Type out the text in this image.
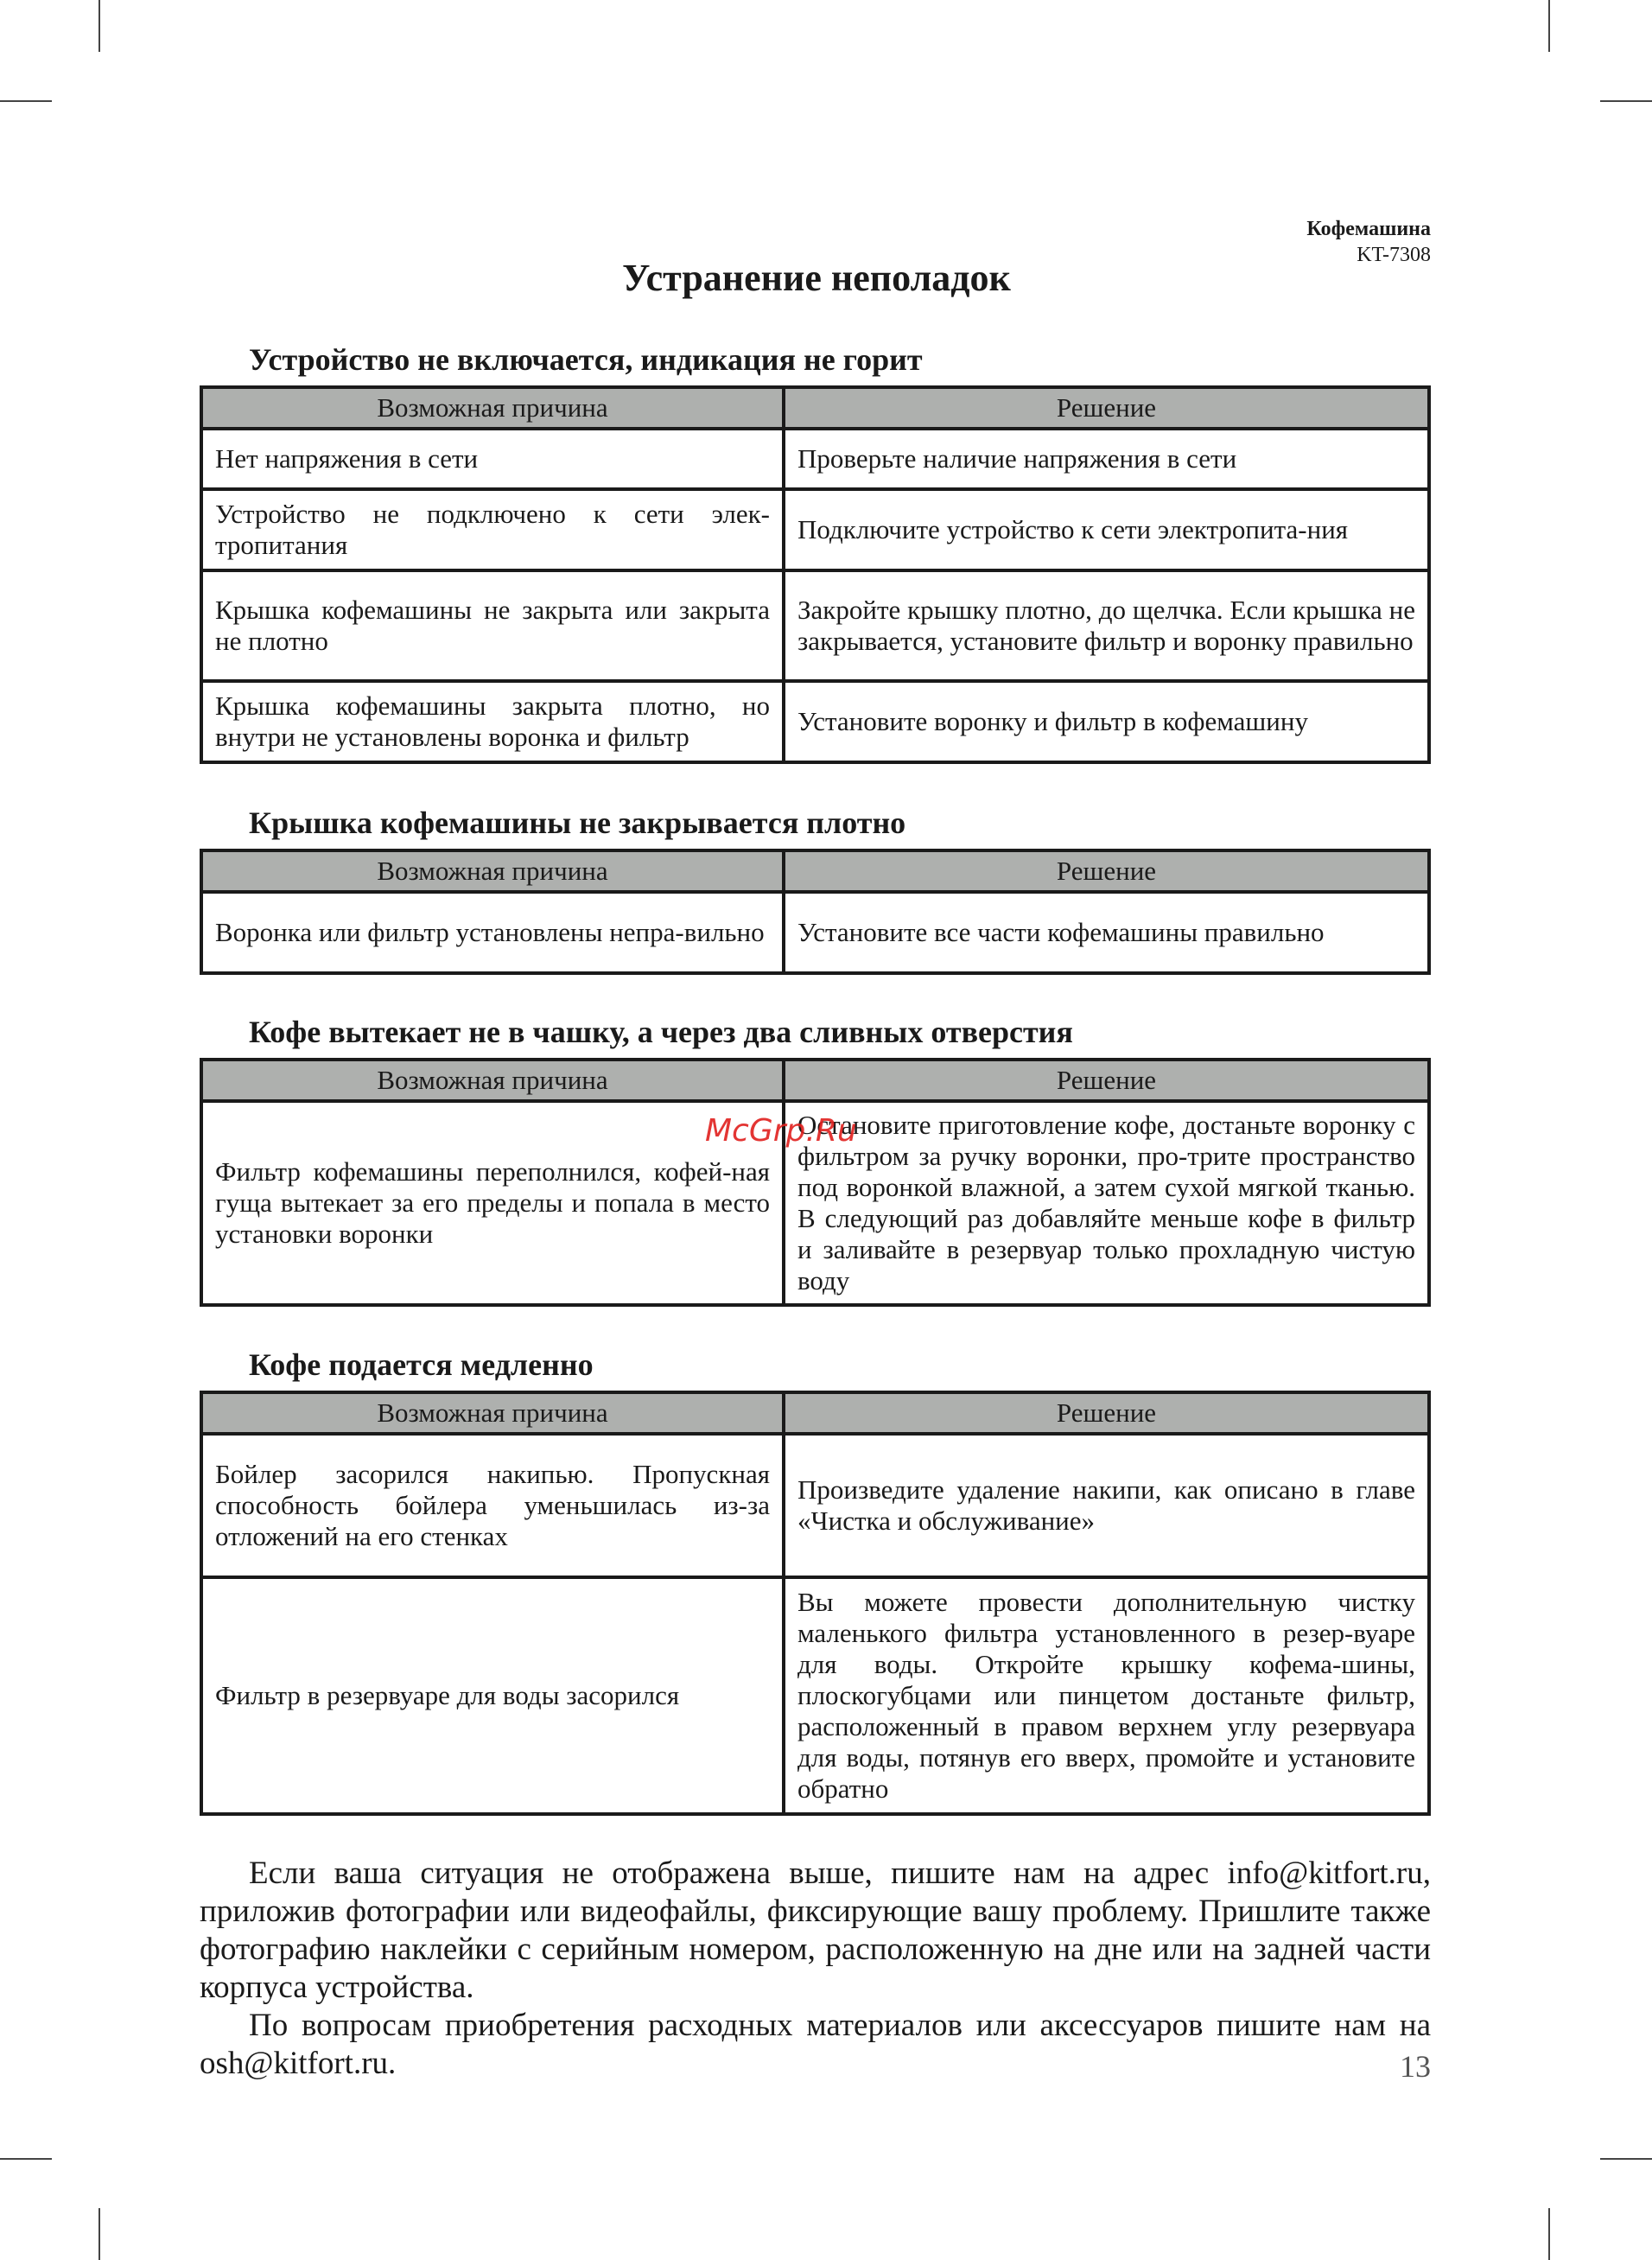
Кофемашина
KT-7308
Устранение неполадок
Устройство не включается, индикация не горит
Возможная причина	Решение
Нет напряжения в сети	Проверьте наличие напряжения в сети
Устройство не подключено к сети элек-тропитания	Подключите устройство к сети электропита-ния
Крышка кофемашины не закрыта или закрыта не плотно	Закройте крышку плотно, до щелчка. Если крышка не закрывается, установите фильтр и воронку правильно
Крышка кофемашины закрыта плотно, но внутри не установлены воронка и фильтр	Установите воронку и фильтр в кофемашину
Крышка кофемашины не закрывается плотно
Возможная причина	Решение
Воронка или фильтр установлены непра-вильно	Установите все части кофемашины правильно
Кофе вытекает не в чашку, а через два сливных отверстия
Возможная причина	Решение
Фильтр кофемашины переполнился, кофей-ная гуща вытекает за его пределы и попала в место установки воронки	Остановите приготовление кофе, достаньте воронку с фильтром за ручку воронки, про-трите пространство под воронкой влажной, а затем сухой мягкой тканью. В следующий раз добавляйте меньше кофе в фильтр и заливайте в резервуар только прохладную чистую воду
Кофе подается медленно
Возможная причина	Решение
Бойлер засорился накипью. Пропускная способность бойлера уменьшилась из-за отложений на его стенках	Произведите удаление накипи, как описано в главе «Чистка и обслуживание»
Фильтр в резервуаре для воды засорился	Вы можете провести дополнительную чистку маленького фильтра установленного в резер-вуаре для воды. Откройте крышку кофема-шины, плоскогубцами или пинцетом достаньте фильтр, расположенный в правом верхнем углу резервуара для воды, потянув его вверх, промойте и установите обратно

Если ваша ситуация не отображена выше, пишите нам на адрес info@kitfort.ru, приложив фотографии или видеофайлы, фиксирующие вашу проблему. Пришлите также фотографию наклейки с серийным номером, расположенную на дне или на задней части корпуса устройства.

По вопросам приобретения расходных материалов или аксессуаров пишите нам на osh@kitfort.ru.	13
McGrp.Ru
